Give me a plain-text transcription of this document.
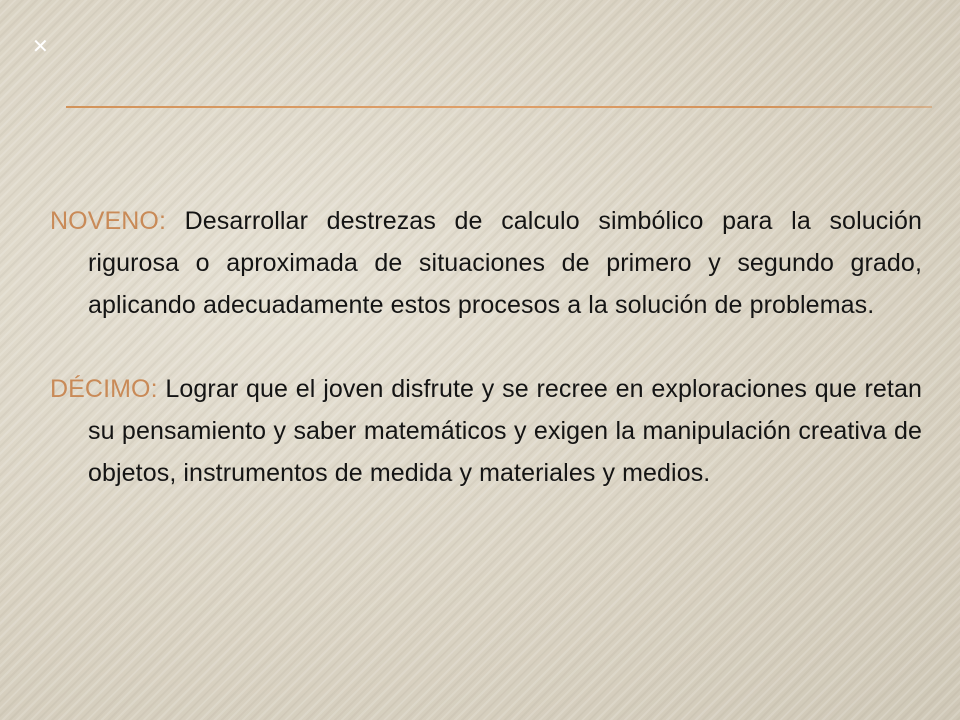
✕

NOVENO: Desarrollar destrezas de calculo simbólico para la solución rigurosa o aproximada de situaciones de primero y segundo grado, aplicando adecuadamente estos procesos a la solución de problemas.

DÉCIMO: Lograr que el joven disfrute y se recree en exploraciones que retan su pensamiento y saber matemáticos y exigen la manipulación creativa de objetos, instrumentos de medida y materiales y medios.
